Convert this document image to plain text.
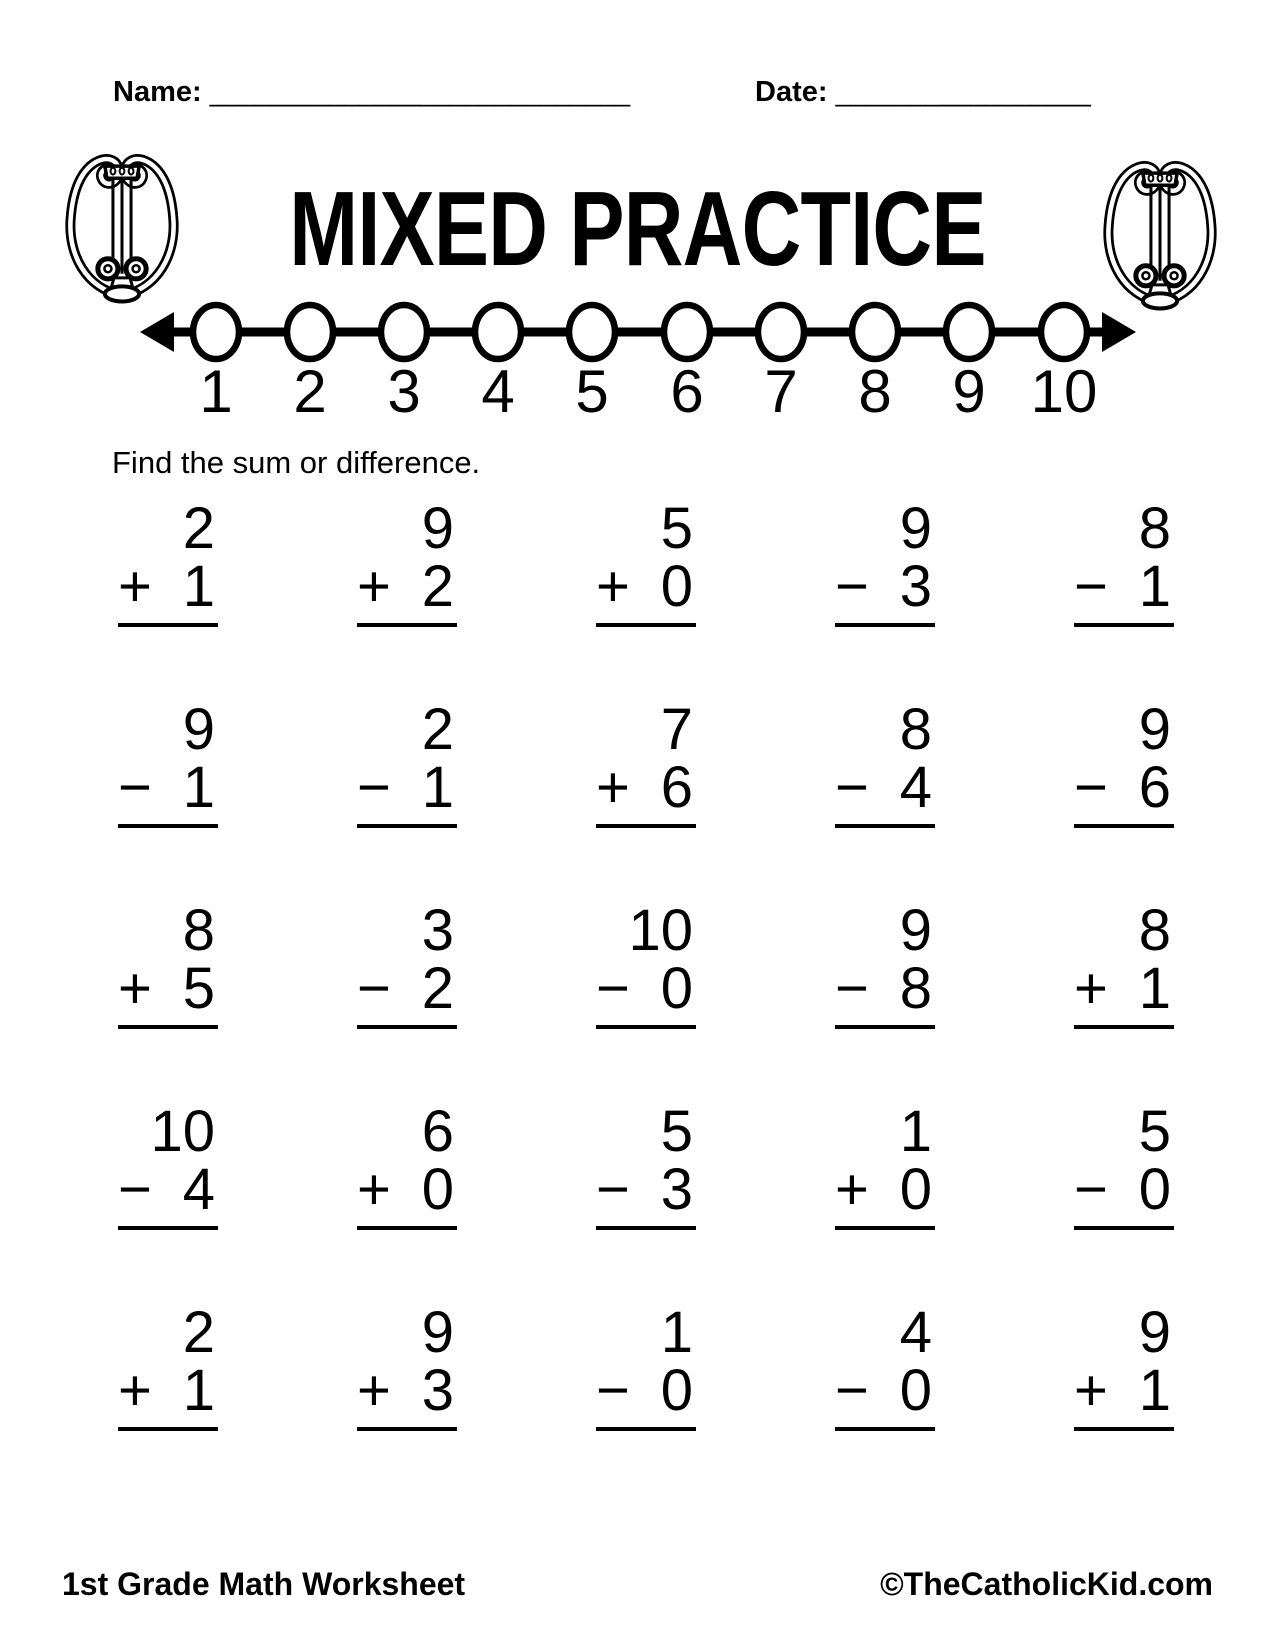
Name: ____________________________	Date: _________________
MIXED PRACTICE
1 2 3 4 5 6 7 8 9 10
Find the sum or difference.
2
+ 1
9
+ 2
5
+ 0
9
− 3
8
− 1
9
− 1
2
− 1
7
+ 6
8
− 4
9
− 6
8
+ 5
3
− 2
10
− 0
9
− 8
8
+ 1
10
− 4
6
+ 0
5
− 3
1
+ 0
5
− 0
2
+ 1
9
+ 3
1
− 0
4
− 0
9
+ 1
1st Grade Math Worksheet	©TheCatholicKid.com
